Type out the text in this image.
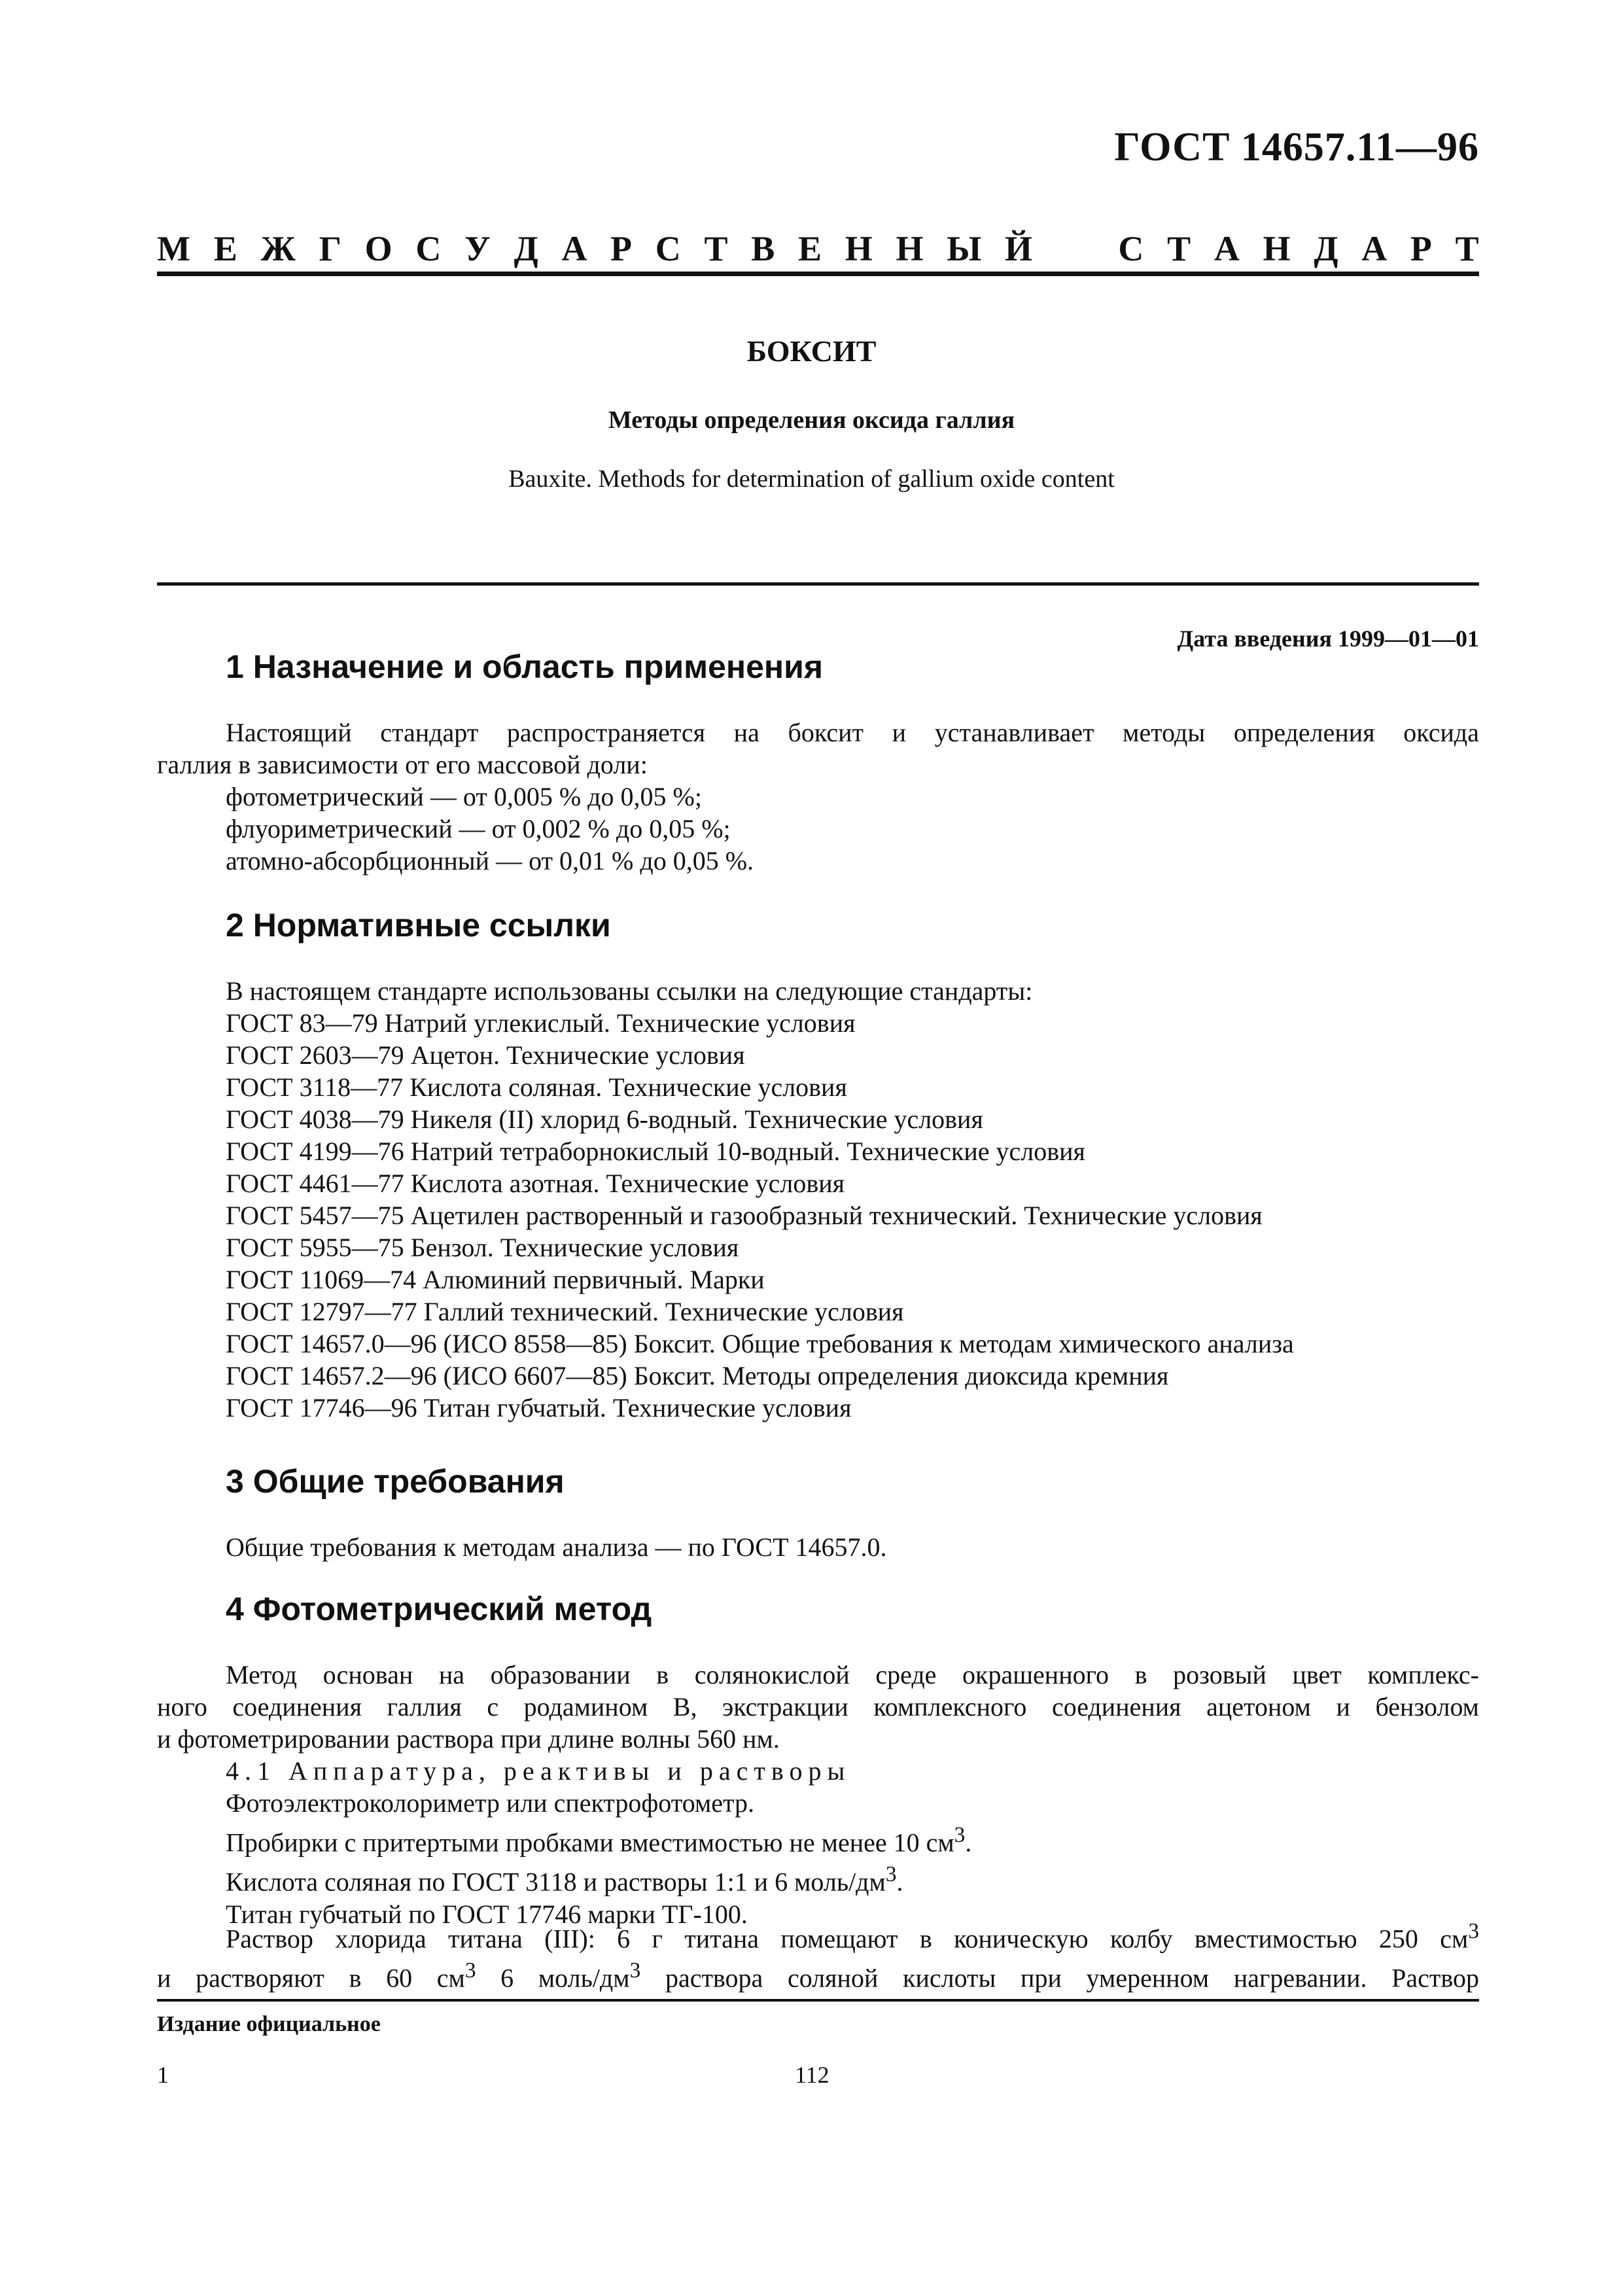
ГОСТ 14657.11—96
М Е Ж Г О С У Д А Р С Т В Е Н Н Ы Й С Т А Н Д А Р Т
БОКСИТ
Методы определения оксида галлия
Bauxite. Methods for determination of gallium oxide content
Дата введения 1999—01—01
1 Назначение и область применения
Настоящий стандарт распространяется на боксит и устанавливает методы определения оксида
галлия в зависимости от его массовой доли:
фотометрический — от 0,005 % до 0,05 %;
флуориметрический — от 0,002 % до 0,05 %;
атомно-абсорбционный — от 0,01 % до 0,05 %.
2 Нормативные ссылки
В настоящем стандарте использованы ссылки на следующие стандарты:
ГОСТ 83—79 Натрий углекислый. Технические условия
ГОСТ 2603—79 Ацетон. Технические условия
ГОСТ 3118—77 Кислота соляная. Технические условия
ГОСТ 4038—79 Никеля (II) хлорид 6-водный. Технические условия
ГОСТ 4199—76 Натрий тетраборнокислый 10-водный. Технические условия
ГОСТ 4461—77 Кислота азотная. Технические условия
ГОСТ 5457—75 Ацетилен растворенный и газообразный технический. Технические условия
ГОСТ 5955—75 Бензол. Технические условия
ГОСТ 11069—74 Алюминий первичный. Марки
ГОСТ 12797—77 Галлий технический. Технические условия
ГОСТ 14657.0—96 (ИСО 8558—85) Боксит. Общие требования к методам химического анализа
ГОСТ 14657.2—96 (ИСО 6607—85) Боксит. Методы определения диоксида кремния
ГОСТ 17746—96 Титан губчатый. Технические условия
3 Общие требования
Общие требования к методам анализа — по ГОСТ 14657.0.
4 Фотометрический метод
Метод основан на образовании в солянокислой среде окрашенного в розовый цвет комплекс-
ного соединения галлия с родамином В, экстракции комплексного соединения ацетоном и бензолом
и фотометрировании раствора при длине волны 560 нм.
4.1 Аппаратура, реактивы и растворы
Фотоэлектроколориметр или спектрофотометр.
Пробирки с притертыми пробками вместимостью не менее 10 $см^3$.
Кислота соляная по ГОСТ 3118 и растворы 1:1 и 6 моль/$дм^3$.
Титан губчатый по ГОСТ 17746 марки ТГ-100.
Раствор хлорида титана (III): 6 г титана помещают в коническую колбу вместимостью 250 $см^3$
и растворяют в 60 $см^3$ 6 моль/$дм^3$ раствора соляной кислоты при умеренном нагревании. Раствор
Издание официальное
1	112
